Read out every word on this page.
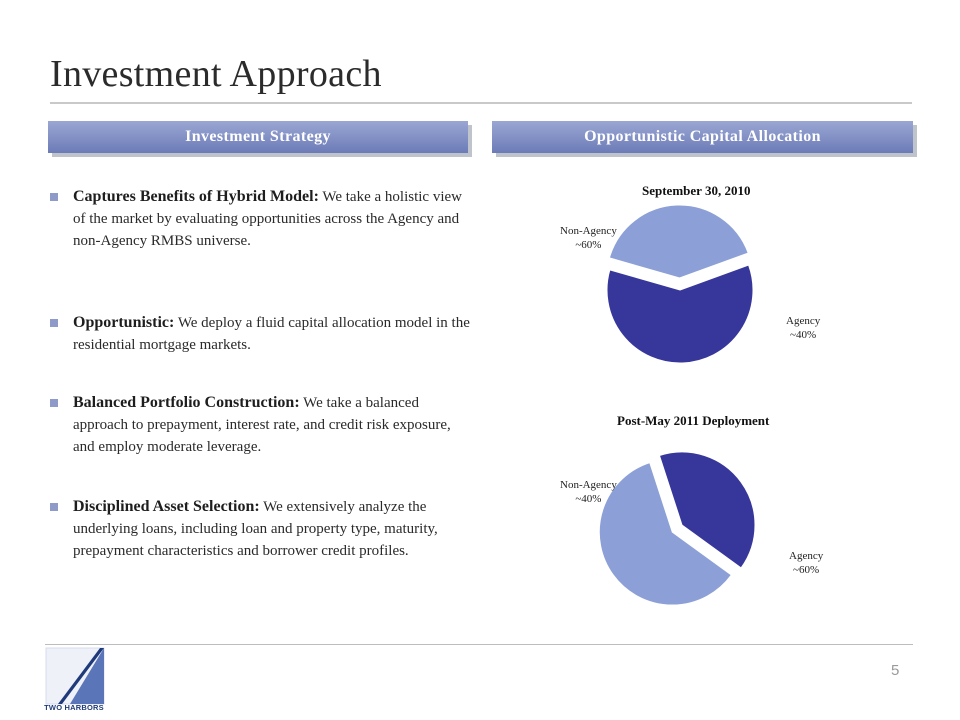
Investment Approach
Investment Strategy	Opportunistic Capital Allocation

Captures Benefits of Hybrid Model: We take a holistic view of the market by evaluating opportunities across the Agency and non-Agency RMBS universe.

Opportunistic: We deploy a fluid capital allocation model in the residential mortgage markets.

Balanced Portfolio Construction: We take a balanced approach to prepayment, interest rate, and credit risk exposure, and employ moderate leverage.

Disciplined Asset Selection: We extensively analyze the underlying loans, including loan and property type, maturity, prepayment characteristics and borrower credit profiles.

September 30, 2010
Non-Agency
~60%
Agency
~40%
Post-May 2011 Deployment
Non-Agency
~40%
Agency
~60%
5
TWO HARBORS
